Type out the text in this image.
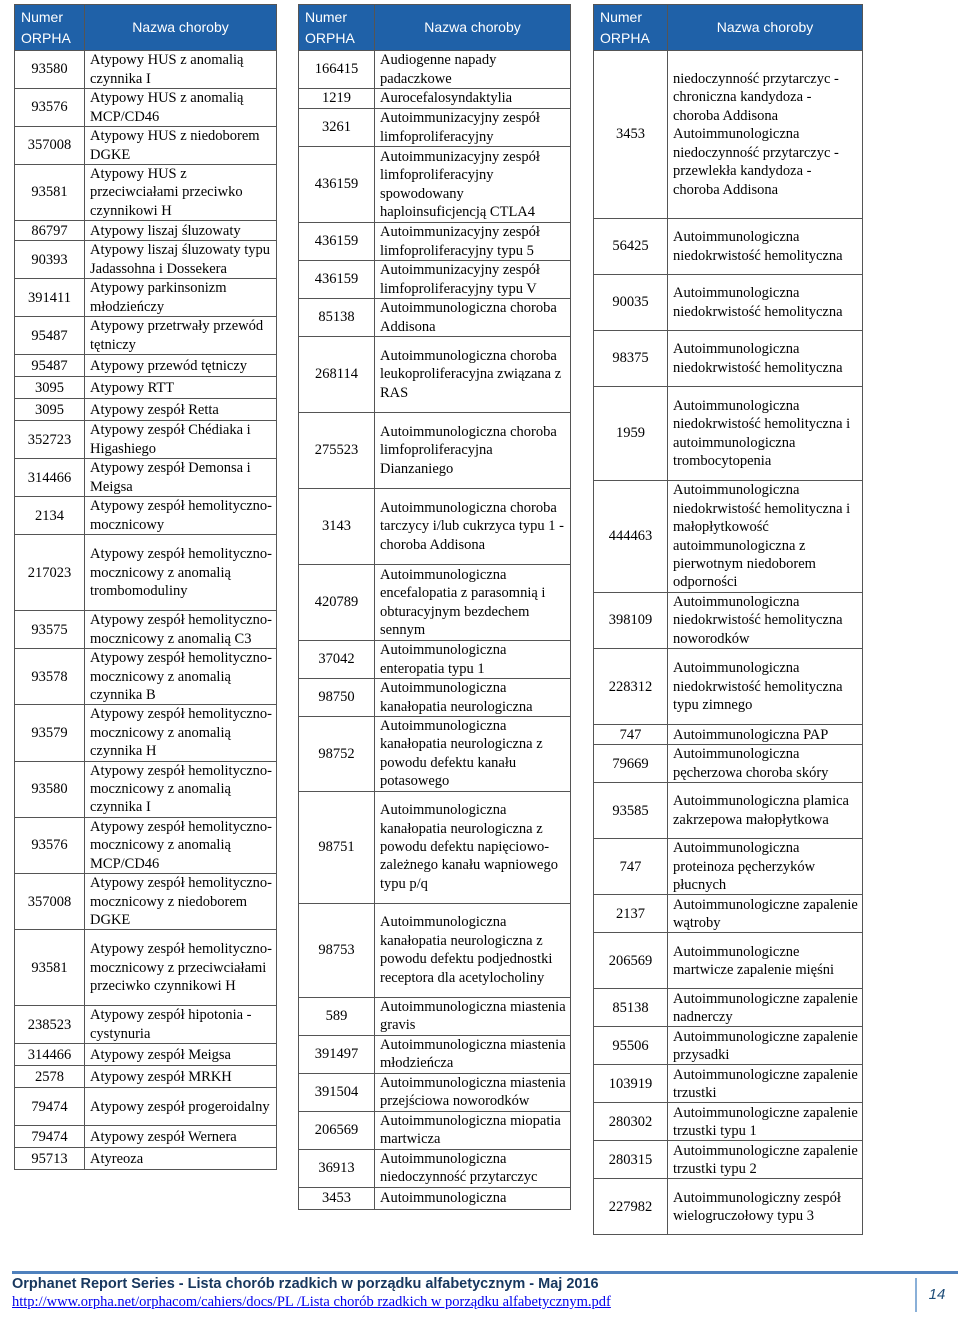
Numer ORPHA	Nazwa choroby
93580	Atypowy HUS z anomalią czynnika I
93576	Atypowy HUS z anomalią MCP/CD46
357008	Atypowy HUS z niedoborem DGKE
93581	Atypowy HUS z przeciwciałami przeciwko czynnikowi H
86797	Atypowy liszaj śluzowaty
90393	Atypowy liszaj śluzowaty typu Jadassohna i Dossekera
391411	Atypowy parkinsonizm młodzieńczy
95487	Atypowy przetrwały przewód tętniczy
95487	Atypowy przewód tętniczy
3095	Atypowy RTT
3095	Atypowy zespół Retta
352723	Atypowy zespół Chédiaka i Higashiego
314466	Atypowy zespół Demonsa i Meigsa
2134	Atypowy zespół hemolityczno-mocznicowy
217023	Atypowy zespół hemolityczno-mocznicowy z anomalią trombomoduliny
93575	Atypowy zespół hemolityczno-mocznicowy z anomalią C3
93578	Atypowy zespół hemolityczno-mocznicowy z anomalią czynnika B
93579	Atypowy zespół hemolityczno-mocznicowy z anomalią czynnika H
93580	Atypowy zespół hemolityczno-mocznicowy z anomalią czynnika I
93576	Atypowy zespół hemolityczno-mocznicowy z anomalią MCP/CD46
357008	Atypowy zespół hemolityczno-mocznicowy z niedoborem DGKE
93581	Atypowy zespół hemolityczno-mocznicowy z przeciwciałami przeciwko czynnikowi H
238523	Atypowy zespół hipotonia - cystynuria
314466	Atypowy zespół Meigsa
2578	Atypowy zespół MRKH
79474	Atypowy zespół progeroidalny
79474	Atypowy zespół Wernera
95713	Atyreoza
Numer ORPHA	Nazwa choroby
166415	Audiogenne napady padaczkowe
1219	Aurocefalosyndaktylia
3261	Autoimmunizacyjny zespół limfoproliferacyjny
436159	Autoimmunizacyjny zespół limfoproliferacyjny spowodowany haploinsuficjencją CTLA4
436159	Autoimmunizacyjny zespół limfoproliferacyjny typu 5
436159	Autoimmunizacyjny zespół limfoproliferacyjny typu V
85138	Autoimmunologiczna choroba Addisona
268114	Autoimmunologiczna choroba leukoproliferacyjna związana z RAS
275523	Autoimmunologiczna choroba limfoproliferacyjna Dianzaniego
3143	Autoimmunologiczna choroba tarczycy i/lub cukrzyca typu 1 - choroba Addisona
420789	Autoimmunologiczna encefalopatia z parasomnią i obturacyjnym bezdechem sennym
37042	Autoimmunologiczna enteropatia typu 1
98750	Autoimmunologiczna kanałopatia neurologiczna
98752	Autoimmunologiczna kanałopatia neurologiczna z powodu defektu kanału potasowego
98751	Autoimmunologiczna kanałopatia neurologiczna z powodu defektu napięciowo-zależnego kanału wapniowego typu p/q
98753	Autoimmunologiczna kanałopatia neurologiczna z powodu defektu podjednostki receptora dla acetylocholiny
589	Autoimmunologiczna miastenia gravis
391497	Autoimmunologiczna miastenia młodzieńcza
391504	Autoimmunologiczna miastenia przejściowa noworodków
206569	Autoimmunologiczna miopatia martwicza
36913	Autoimmunologiczna niedoczynność przytarczyc
3453	Autoimmunologiczna
Numer ORPHA	Nazwa choroby
3453	niedoczynność przytarczyc - chroniczna kandydoza - choroba Addisona Autoimmunologiczna niedoczynność przytarczyc - przewlekła kandydoza - choroba Addisona
56425	Autoimmunologiczna niedokrwistość hemolityczna
90035	Autoimmunologiczna niedokrwistość hemolityczna
98375	Autoimmunologiczna niedokrwistość hemolityczna
1959	Autoimmunologiczna niedokrwistość hemolityczna i autoimmunologiczna trombocytopenia
444463	Autoimmunologiczna niedokrwistość hemolityczna i małopłytkowość autoimmunologiczna z pierwotnym niedoborem odporności
398109	Autoimmunologiczna niedokrwistość hemolityczna noworodków
228312	Autoimmunologiczna niedokrwistość hemolityczna typu zimnego
747	Autoimmunologiczna PAP
79669	Autoimmunologiczna pęcherzowa choroba skóry
93585	Autoimmunologiczna plamica zakrzepowa małopłytkowa
747	Autoimmunologiczna proteinoza pęcherzyków płucnych
2137	Autoimmunologiczne zapalenie wątroby
206569	Autoimmunologiczne martwicze zapalenie mięśni
85138	Autoimmunologiczne zapalenie nadnerczy
95506	Autoimmunologiczne zapalenie przysadki
103919	Autoimmunologiczne zapalenie trzustki
280302	Autoimmunologiczne zapalenie trzustki typu 1
280315	Autoimmunologiczne zapalenie trzustki typu 2
227982	Autoimmunologiczny zespół wielogruczołowy typu 3
Orphanet Report Series - Lista chorób rzadkich w porządku alfabetycznym - Maj 2016
http://www.orpha.net/orphacom/cahiers/docs/PL /Lista chorób rzadkich w porządku alfabetycznym.pdf	14
